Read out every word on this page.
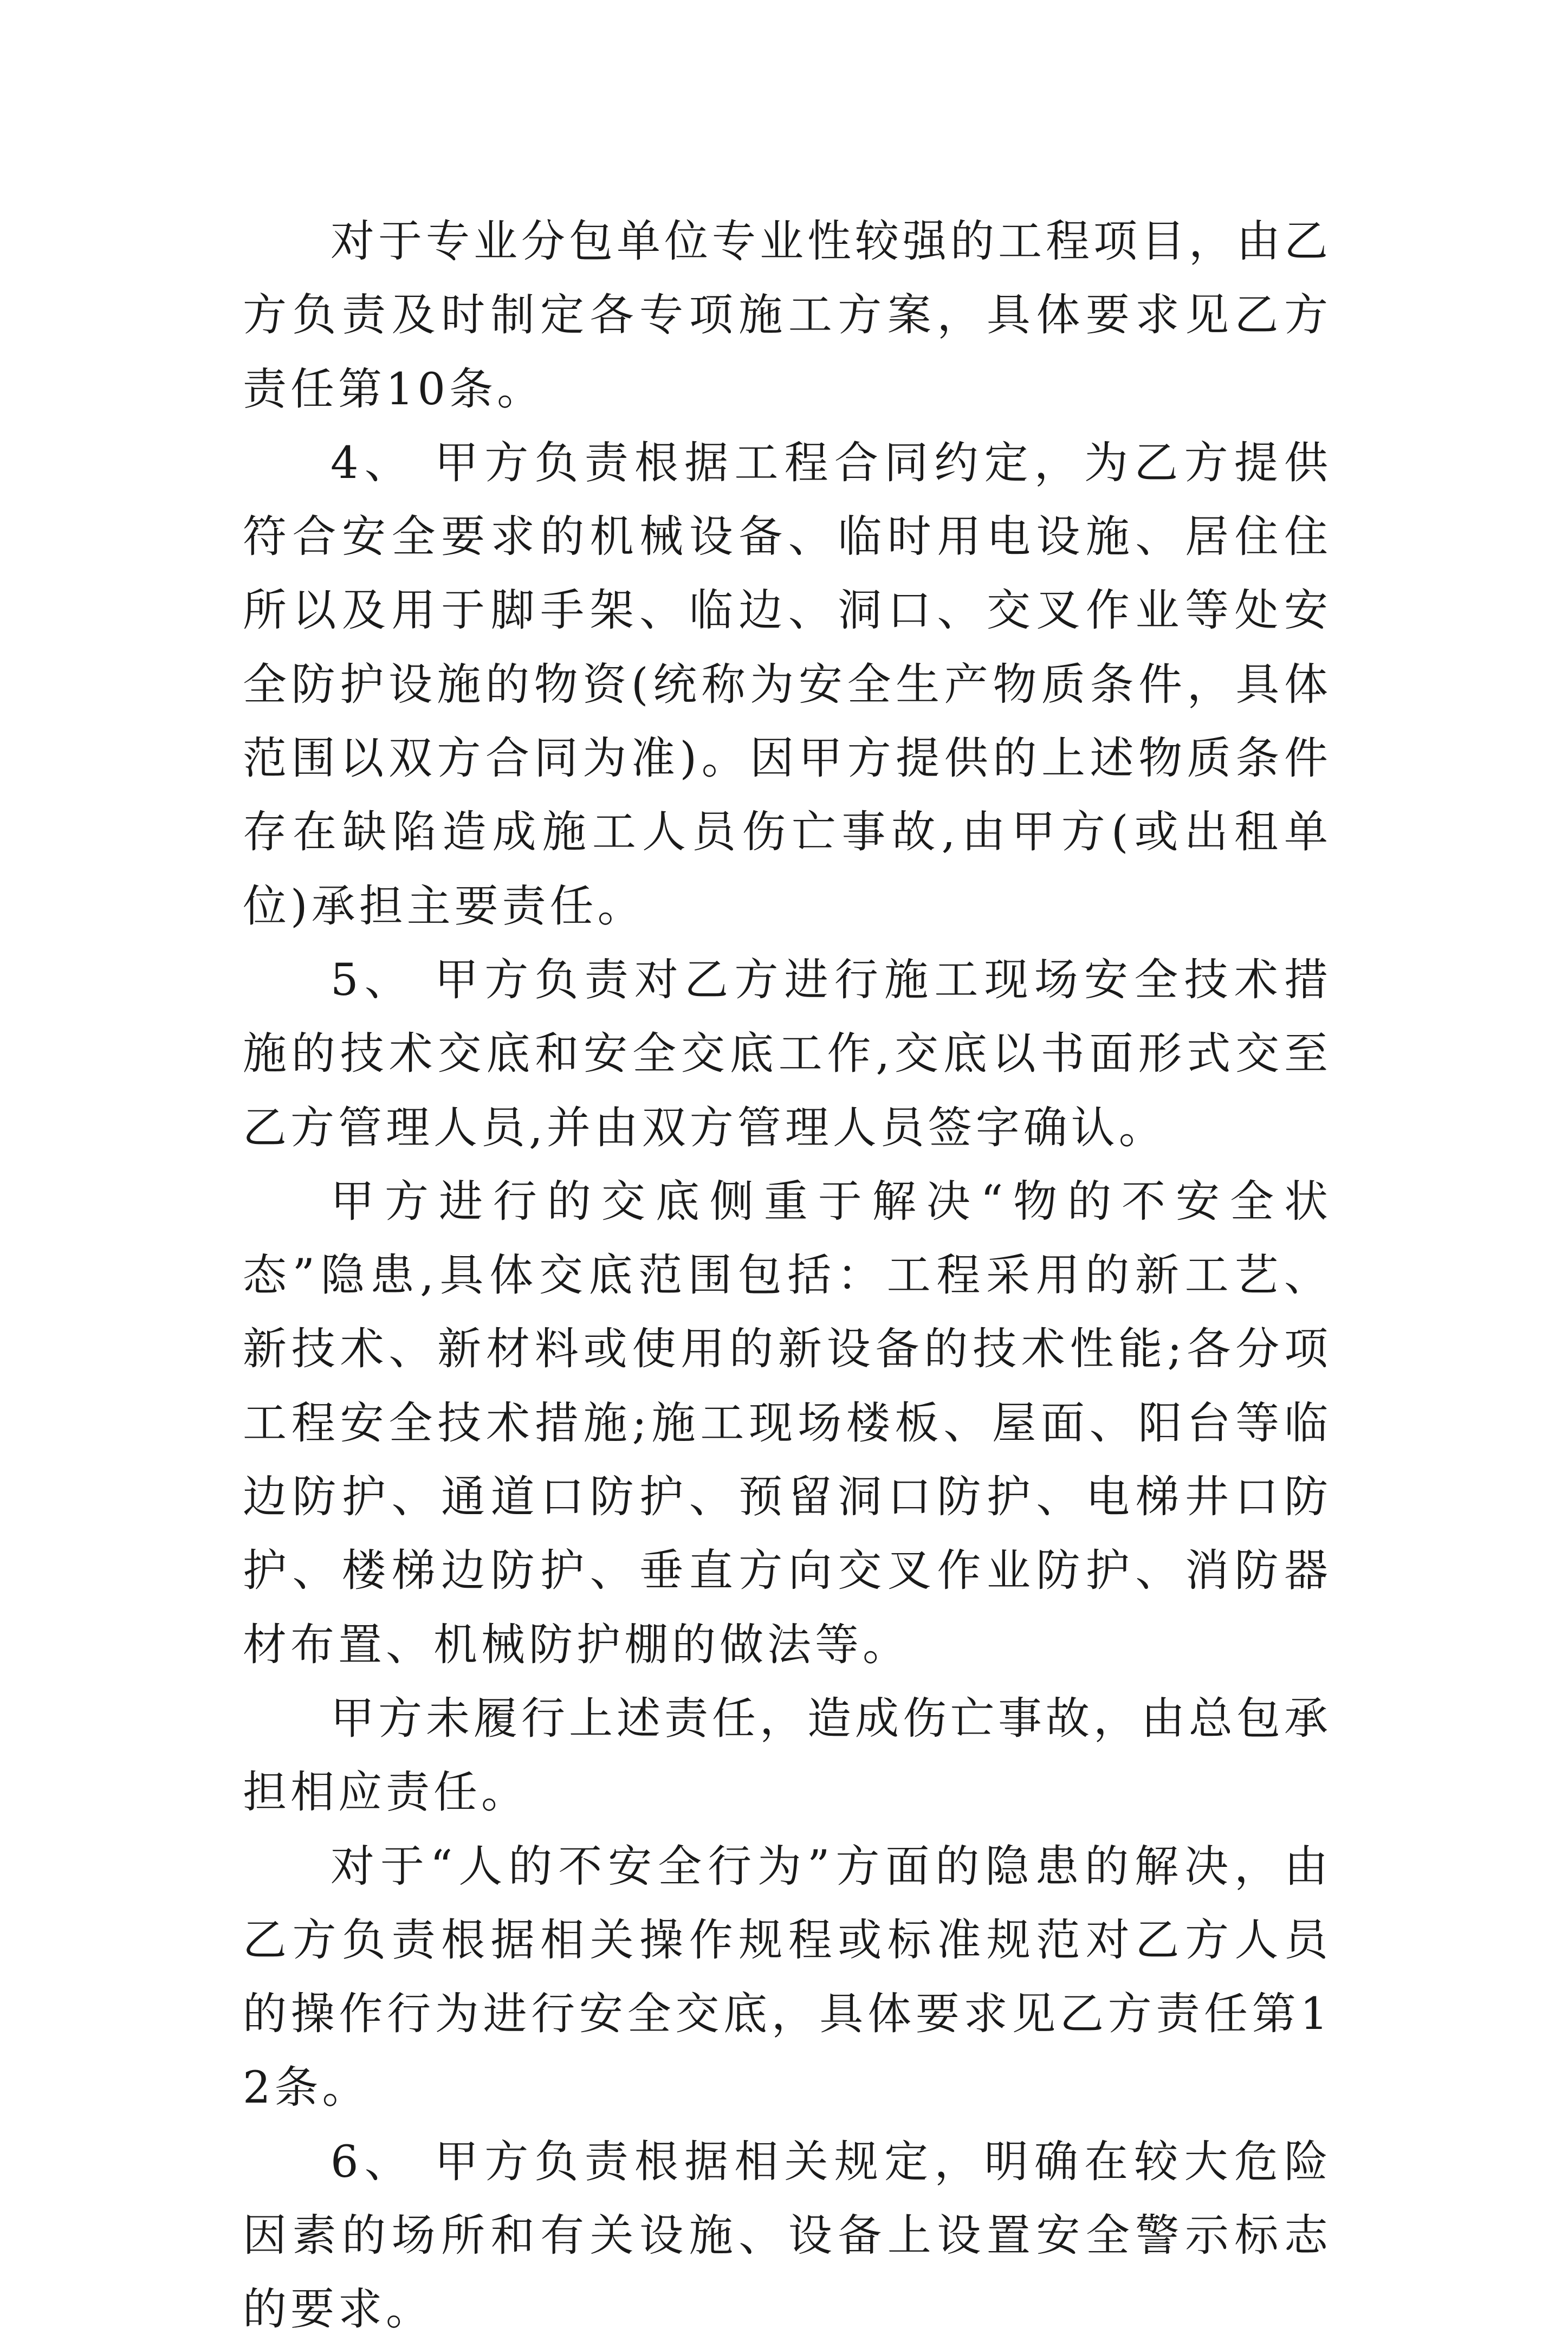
对于专业分包单位专业性较强的工程项目，由乙方负责及时制定各专项施工方案，具体要求见乙方责任第10条。

4、 甲方负责根据工程合同约定，为乙方提供符合安全要求的机械设备、临时用电设施、居住住所以及用于脚手架、临边、洞口、交叉作业等处安全防护设施的物资(统称为安全生产物质条件，具体范围以双方合同为准)。因甲方提供的上述物质条件存在缺陷造成施工人员伤亡事故,由甲方(或出租单位)承担主要责任。

5、 甲方负责对乙方进行施工现场安全技术措施的技术交底和安全交底工作,交底以书面形式交至乙方管理人员,并由双方管理人员签字确认。

甲方进行的交底侧重于解决“物的不安全状态”隐患,具体交底范围包括：工程采用的新工艺、新技术、新材料或使用的新设备的技术性能;各分项工程安全技术措施;施工现场楼板、屋面、阳台等临边防护、通道口防护、预留洞口防护、电梯井口防护、楼梯边防护、垂直方向交叉作业防护、消防器材布置、机械防护棚的做法等。

甲方未履行上述责任，造成伤亡事故，由总包承担相应责任。

对于“人的不安全行为”方面的隐患的解决，由乙方负责根据相关操作规程或标准规范对乙方人员的操作行为进行安全交底，具体要求见乙方责任第12条。

6、 甲方负责根据相关规定，明确在较大危险因素的场所和有关设施、设备上设置安全警示标志的要求。
